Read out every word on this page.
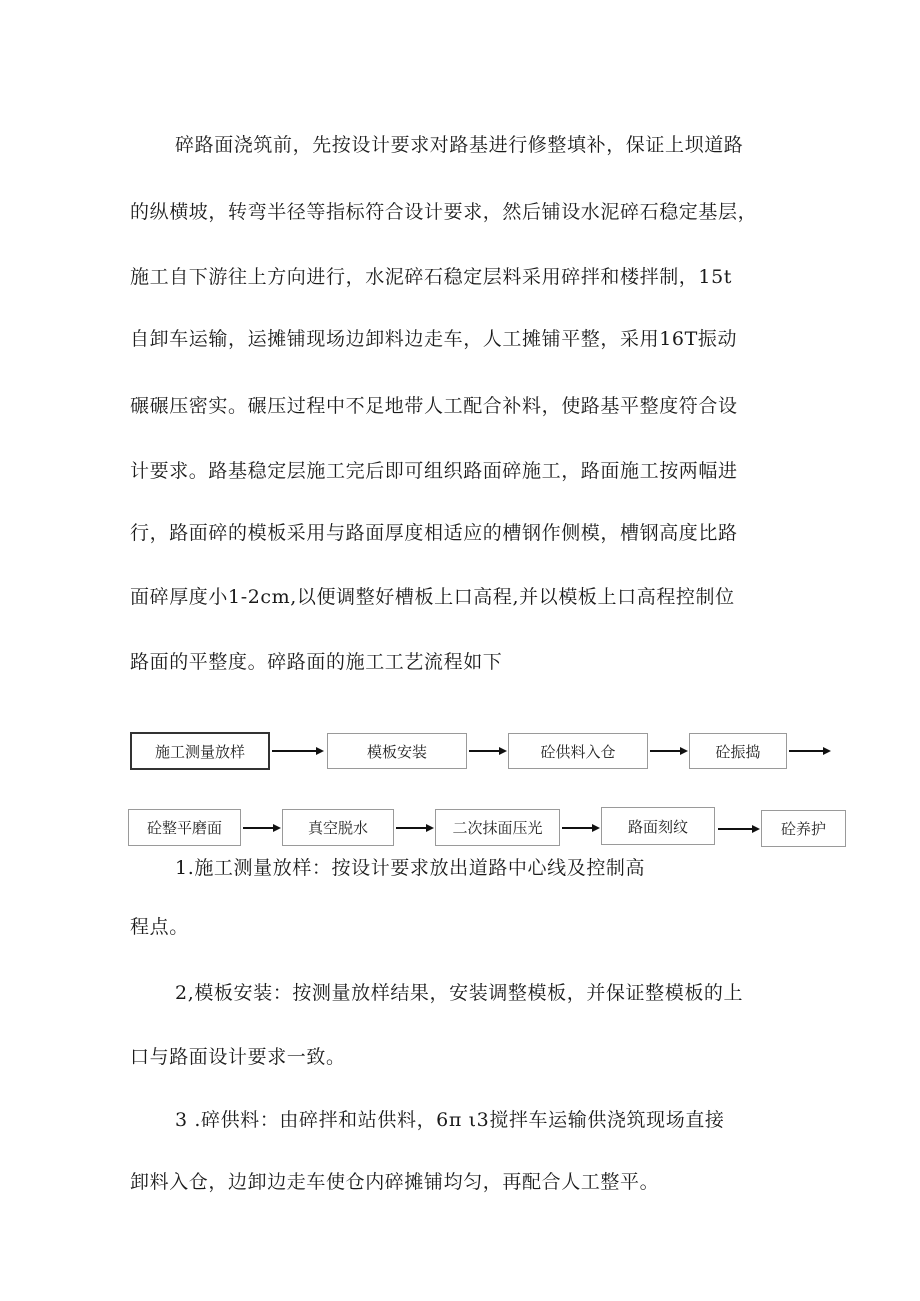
碎路面浇筑前，先按设计要求对路基进行修整填补，保证上坝道路
的纵横坡，转弯半径等指标符合设计要求，然后铺设水泥碎石稳定基层，
施工自下游往上方向进行，水泥碎石稳定层料采用碎拌和楼拌制，15t
自卸车运输，运摊铺现场边卸料边走车，人工摊铺平整，采用16T振动
碾碾压密实。碾压过程中不足地带人工配合补料，使路基平整度符合设
计要求。路基稳定层施工完后即可组织路面碎施工，路面施工按两幅进
行，路面碎的模板采用与路面厚度相适应的槽钢作侧模，槽钢高度比路
面碎厚度小1-2cm,以便调整好槽板上口高程,并以模板上口高程控制位
路面的平整度。碎路面的施工工艺流程如下
施工测量放样	模板安装	砼供料入仓	砼振捣
砼整平磨面	真空脱水	二次抹面压光	路面刻纹	砼养护
1.施工测量放样：按设计要求放出道路中心线及控制高
程点。
2,模板安装：按测量放样结果，安装调整模板，并保证整模板的上
口与路面设计要求一致。
3 .碎供料：由碎拌和站供料，6π ι3搅拌车运输供浇筑现场直接
卸料入仓，边卸边走车使仓内碎摊铺均匀，再配合人工整平。
